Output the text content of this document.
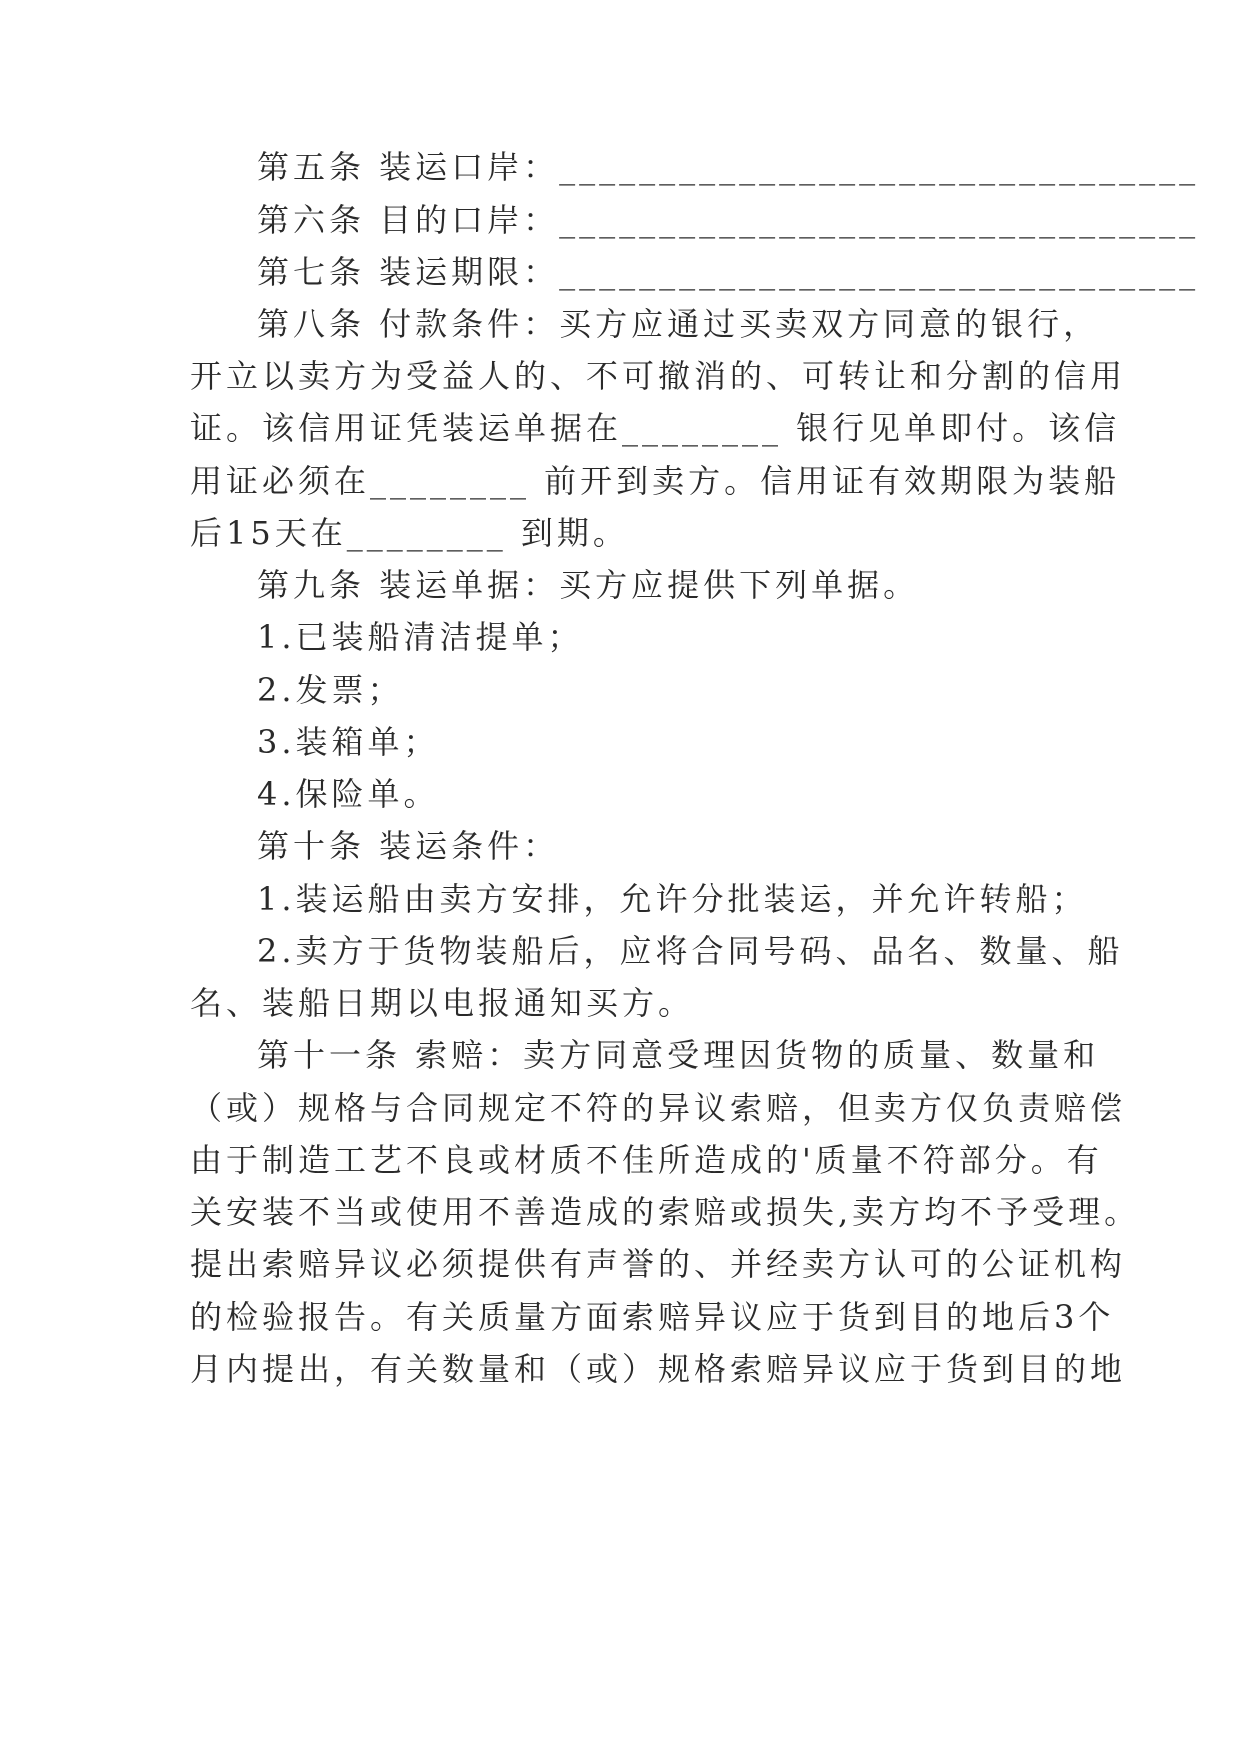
第五条 装运口岸：________________________________
第六条 目的口岸：________________________________
第七条 装运期限：________________________________
第八条 付款条件：买方应通过买卖双方同意的银行，
开立以卖方为受益人的、不可撤消的、可转让和分割的信用
证。该信用证凭装运单据在________ 银行见单即付。该信
用证必须在________ 前开到卖方。信用证有效期限为装船
后15天在________ 到期。
第九条 装运单据：买方应提供下列单据。
1.已装船清洁提单；
2.发票；
3.装箱单；
4.保险单。
第十条 装运条件：
1.装运船由卖方安排，允许分批装运，并允许转船；
2.卖方于货物装船后，应将合同号码、品名、数量、船
名、装船日期以电报通知买方。
第十一条 索赔：卖方同意受理因货物的质量、数量和
（或）规格与合同规定不符的异议索赔，但卖方仅负责赔偿
由于制造工艺不良或材质不佳所造成的'质量不符部分。有
关安装不当或使用不善造成的索赔或损失,卖方均不予受理。
提出索赔异议必须提供有声誉的、并经卖方认可的公证机构
的检验报告。有关质量方面索赔异议应于货到目的地后3个
月内提出，有关数量和（或）规格索赔异议应于货到目的地
